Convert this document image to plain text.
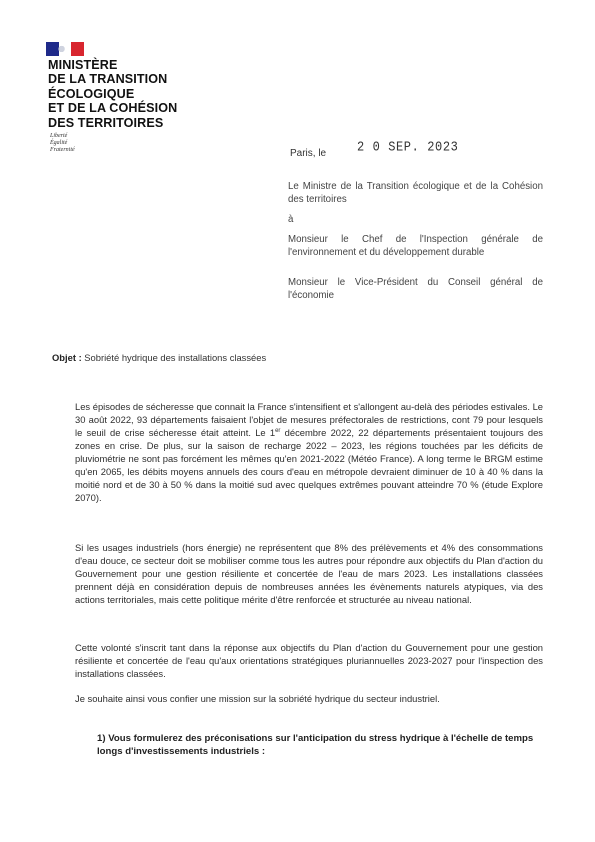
MINISTÈRE
DE LA TRANSITION
ÉCOLOGIQUE
ET DE LA COHÉSION
DES TERRITOIRES
Liberté
Égalité
Fraternité	Paris, le	2 0 SEP. 2023
Le Ministre de la Transition écologique et de la Cohésion des territoires
à
Monsieur le Chef de l'Inspection générale de l'environnement et du développement durable
Monsieur le Vice-Président du Conseil général de l'économie
Objet : Sobriété hydrique des installations classées
Les épisodes de sécheresse que connait la France s'intensifient et s'allongent au-delà des périodes estivales. Le 30 août 2022, 93 départements faisaient l'objet de mesures préfectorales de restrictions, cont 79 pour lesquels le seuil de crise sécheresse était atteint. Le 1er décembre 2022, 22 départements présentaient toujours des zones en crise. De plus, sur la saison de recharge 2022 – 2023, les régions touchées par les déficits de pluviométrie ne sont pas forcément les mêmes qu'en 2021-2022 (Météo France). A long terme le BRGM estime qu'en 2065, les débits moyens annuels des cours d'eau en métropole devraient diminuer de 10 à 40 % dans la moitié nord et de 30 à 50 % dans la moitié sud avec quelques extrêmes pouvant atteindre 70 % (étude Explore 2070).
Si les usages industriels (hors énergie) ne représentent que 8% des prélèvements et 4% des consommations d'eau douce, ce secteur doit se mobiliser comme tous les autres pour répondre aux objectifs du Plan d'action du Gouvernement pour une gestion résiliente et concertée de l'eau de mars 2023. Les installations classées prennent déjà en considération depuis de nombreuses années les évènements naturels atypiques, via des actions territoriales, mais cette politique mérite d'être renforcée et structurée au niveau national.
Cette volonté s'inscrit tant dans la réponse aux objectifs du Plan d'action du Gouvernement pour une gestion résiliente et concertée de l'eau qu'aux orientations stratégiques pluriannuelles 2023-2027 pour l'inspection des installations classées.
Je souhaite ainsi vous confier une mission sur la sobriété hydrique du secteur industriel.
1) Vous formulerez des préconisations sur l'anticipation du stress hydrique à l'échelle de temps longs d'investissements industriels :
